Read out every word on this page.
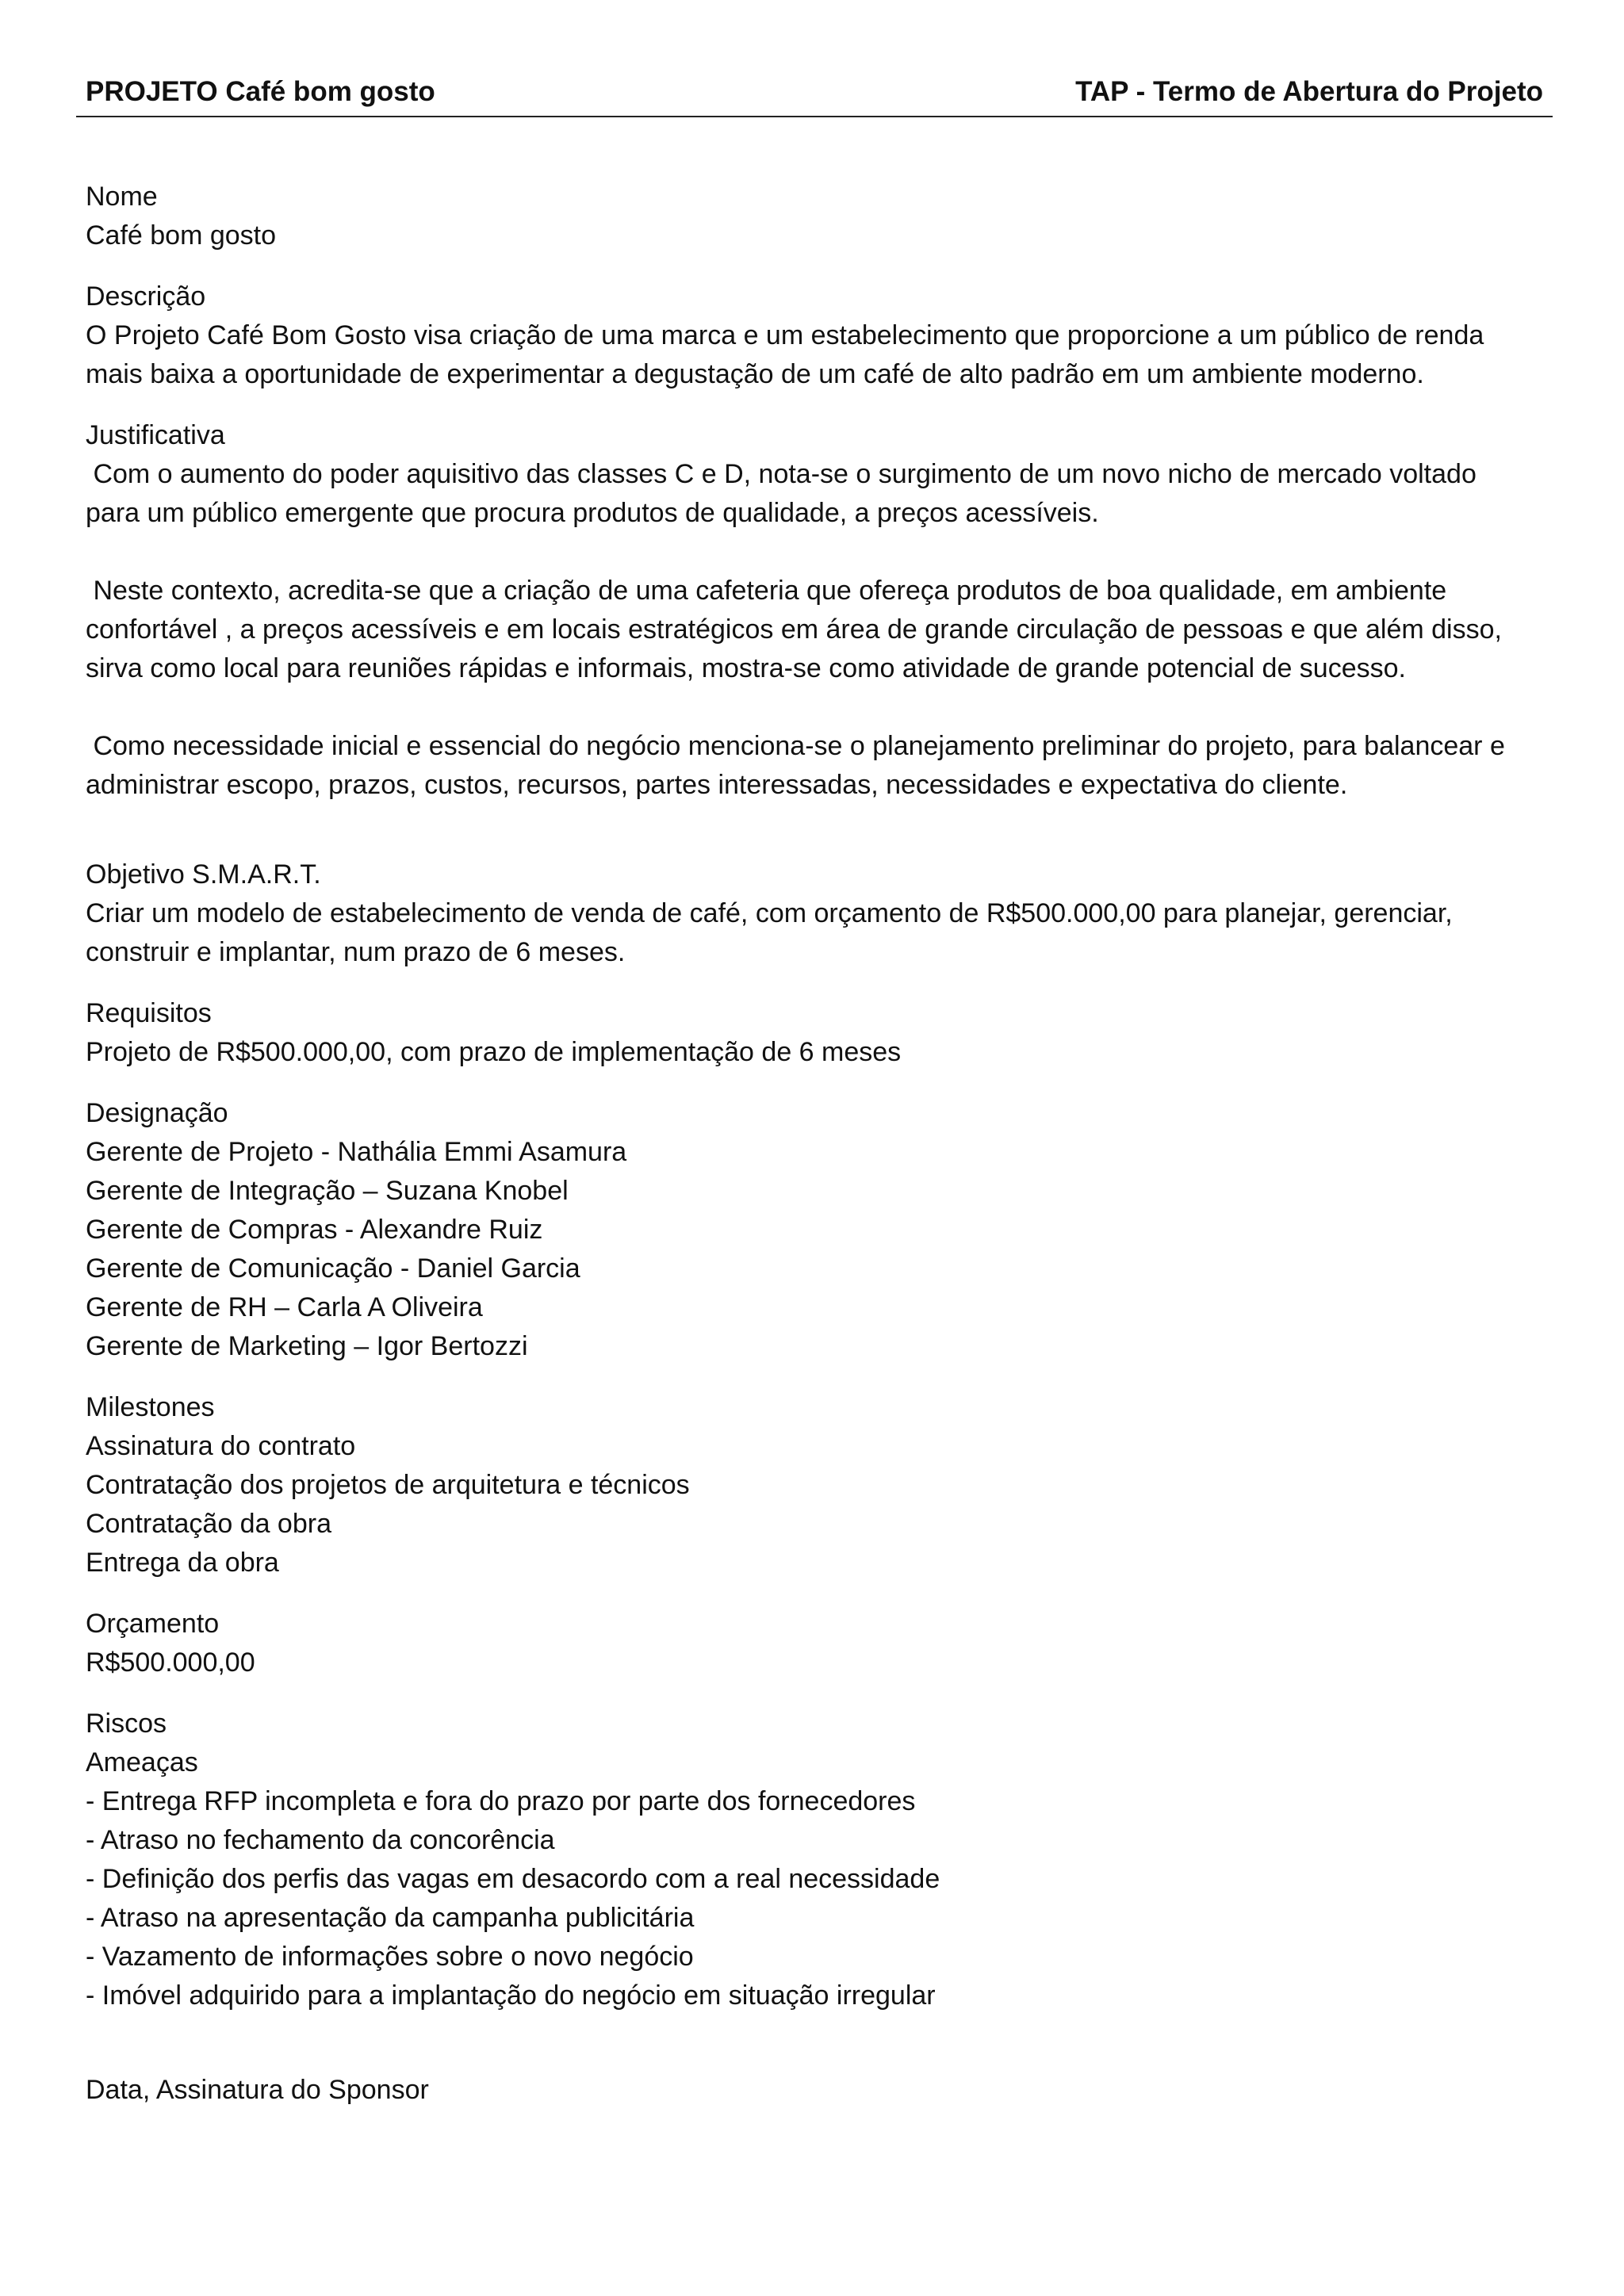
PROJETO Café bom gosto	TAP - Termo de Abertura do Projeto
Nome
Café bom gosto
Descrição
O Projeto Café Bom Gosto visa criação de uma marca e um estabelecimento que proporcione a um público de renda
mais baixa a oportunidade de experimentar a degustação de um café de alto padrão em um ambiente moderno.
Justificativa
Com o aumento do poder aquisitivo das classes C e D, nota-se o surgimento de um novo nicho de mercado voltado
para um público emergente que procura produtos de qualidade, a preços acessíveis.
Neste contexto, acredita-se que a criação de uma cafeteria que ofereça produtos de boa qualidade, em ambiente
confortável , a preços acessíveis e em locais estratégicos em área de grande circulação de pessoas e que além disso,
sirva como local para reuniões rápidas e informais, mostra-se como atividade de grande potencial de sucesso.
Como necessidade inicial e essencial do negócio menciona-se o planejamento preliminar do projeto, para balancear e
administrar escopo, prazos, custos, recursos, partes interessadas, necessidades e expectativa do cliente.
Objetivo S.M.A.R.T.
Criar um modelo de estabelecimento de venda de café, com orçamento de R$500.000,00 para planejar, gerenciar,
construir e implantar, num prazo de 6 meses.
Requisitos
Projeto de R$500.000,00, com prazo de implementação de 6 meses
Designação
Gerente de Projeto - Nathália Emmi Asamura
Gerente de Integração – Suzana Knobel
Gerente de Compras - Alexandre Ruiz
Gerente de Comunicação - Daniel Garcia
Gerente de RH – Carla A Oliveira
Gerente de Marketing – Igor Bertozzi
Milestones
Assinatura do contrato
Contratação dos projetos de arquitetura e técnicos
Contratação da obra
Entrega da obra
Orçamento
R$500.000,00
Riscos
Ameaças
- Entrega RFP incompleta e fora do prazo por parte dos fornecedores
- Atraso no fechamento da concorência
- Definição dos perfis das vagas em desacordo com a real necessidade
- Atraso na apresentação da campanha publicitária
- Vazamento de informações sobre o novo negócio
- Imóvel adquirido para a implantação do negócio em situação irregular
Data, Assinatura do Sponsor
